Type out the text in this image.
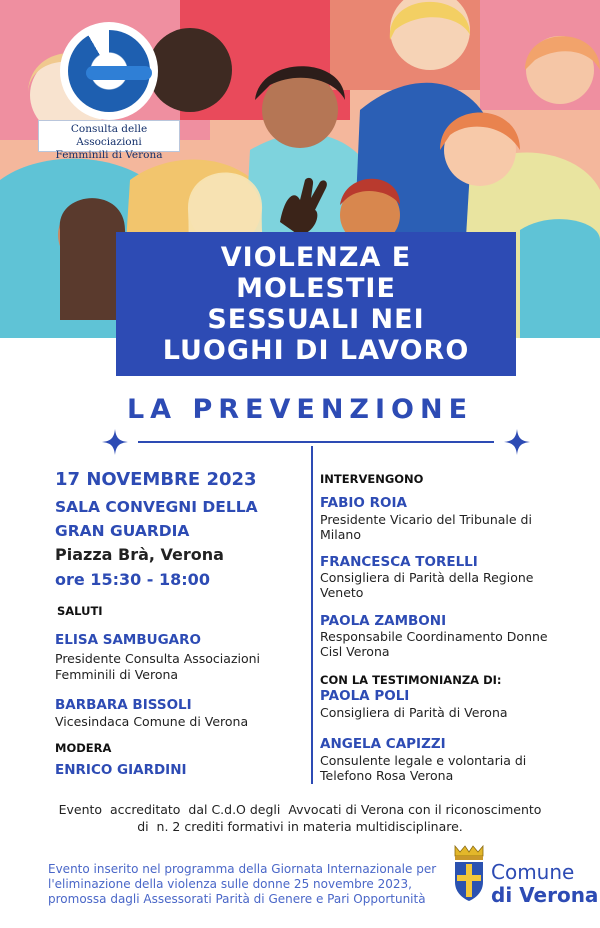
Consulta delle Associazioni
Femminili di Verona
VIOLENZA E
MOLESTIE
SESSUALI NEI
LUOGHI DI LAVORO
LA PREVENZIONE
17 NOVEMBRE 2023
SALA CONVEGNI DELLA
GRAN GUARDIA
Piazza Brà, Verona
ore 15:30 - 18:00
SALUTI
ELISA SAMBUGARO
Presidente Consulta Associazioni
Femminili di Verona
BARBARA BISSOLI
Vicesindaca Comune di Verona
MODERA
ENRICO GIARDINI
INTERVENGONO
FABIO ROIA
Presidente Vicario del Tribunale di
Milano
FRANCESCA TORELLI
Consigliera di Parità della Regione
Veneto
PAOLA ZAMBONI
Responsabile Coordinamento Donne
Cisl Verona
CON LA TESTIMONIANZA DI:
PAOLA POLI
Consigliera di Parità di Verona
ANGELA CAPIZZI
Consulente legale e volontaria di
Telefono Rosa Verona
Evento  accreditato  dal C.d.O degli  Avvocati di Verona con il riconoscimento
di  n. 2 crediti formativi in materia multidisciplinare.
Evento inserito nel programma della Giornata Internazionale per
l'eliminazione della violenza sulle donne 25 novembre 2023,
promossa dagli Assessorati Parità di Genere e Pari Opportunità
Comune
di Verona
